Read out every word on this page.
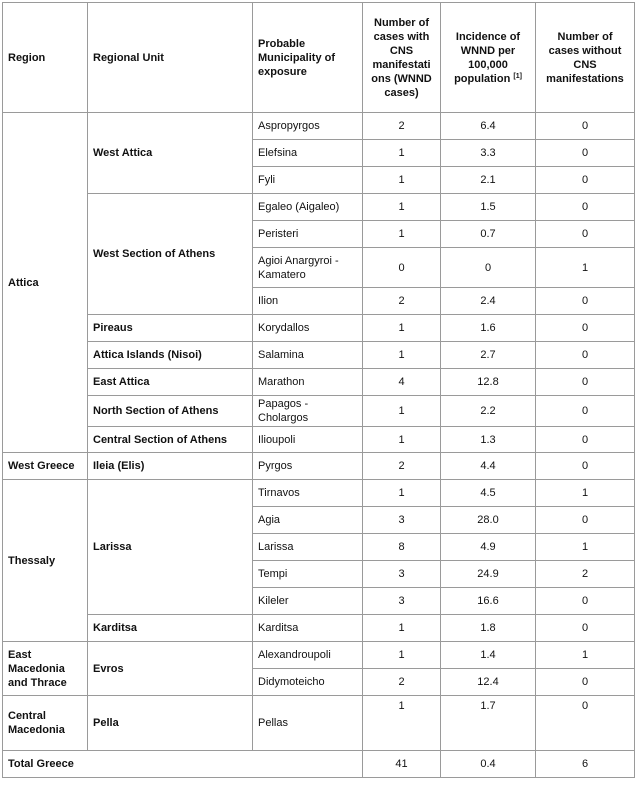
Region	Regional Unit	Probable Municipality of exposure	Number of cases with CNS manifestati ons (WNND cases)	Incidence of WNND per 100,000 population [1]	Number of cases without CNS manifestations
Attica	West Attica	Aspropyrgos	2	6.4	0
		Elefsina	1	3.3	0
		Fyli	1	2.1	0
	West Section of Athens	Egaleo (Aigaleo)	1	1.5	0
		Peristeri	1	0.7	0
		Agioi Anargyroi - Kamatero	0	0	1
		Ilion	2	2.4	0
	Pireaus	Korydallos	1	1.6	0
	Attica Islands (Nisoi)	Salamina	1	2.7	0
	East Attica	Marathon	4	12.8	0
	North Section of Athens	Papagos - Cholargos	1	2.2	0
	Central Section of Athens	Ilioupoli	1	1.3	0
West Greece	Ileia (Elis)	Pyrgos	2	4.4	0
Thessaly	Larissa	Tirnavos	1	4.5	1
		Agia	3	28.0	0
		Larissa	8	4.9	1
		Tempi	3	24.9	2
		Kileler	3	16.6	0
	Karditsa	Karditsa	1	1.8	0
East Macedonia and Thrace	Evros	Alexandroupoli	1	1.4	1
		Didymoteicho	2	12.4	0
Central Macedonia	Pella	Pellas	1	1.7	0
Total Greece			41	0.4	6
